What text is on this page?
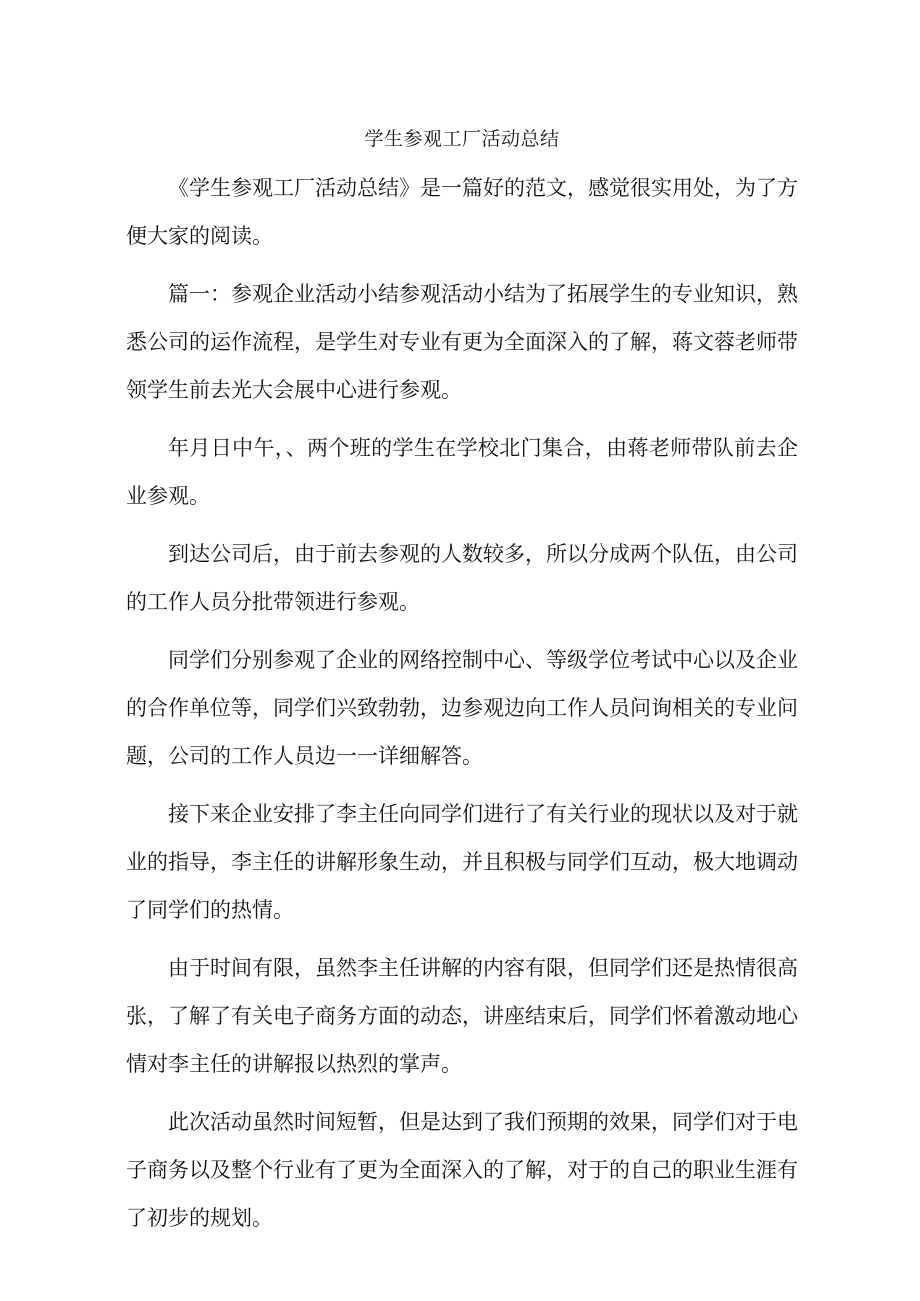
学生参观工厂活动总结

《学生参观工厂活动总结》是一篇好的范文，感觉很实用处，为了方便大家的阅读。

篇一：参观企业活动小结参观活动小结为了拓展学生的专业知识，熟悉公司的运作流程，是学生对专业有更为全面深入的了解，蒋文蓉老师带领学生前去光大会展中心进行参观。

年月日中午，、两个班的学生在学校北门集合，由蒋老师带队前去企业参观。

到达公司后，由于前去参观的人数较多，所以分成两个队伍，由公司的工作人员分批带领进行参观。

同学们分别参观了企业的网络控制中心、等级学位考试中心以及企业的合作单位等，同学们兴致勃勃，边参观边向工作人员问询相关的专业问题，公司的工作人员边一一详细解答。

接下来企业安排了李主任向同学们进行了有关行业的现状以及对于就业的指导，李主任的讲解形象生动，并且积极与同学们互动，极大地调动了同学们的热情。

由于时间有限，虽然李主任讲解的内容有限，但同学们还是热情很高张，了解了有关电子商务方面的动态，讲座结束后，同学们怀着激动地心情对李主任的讲解报以热烈的掌声。

此次活动虽然时间短暂，但是达到了我们预期的效果，同学们对于电子商务以及整个行业有了更为全面深入的了解，对于的自己的职业生涯有了初步的规划。
